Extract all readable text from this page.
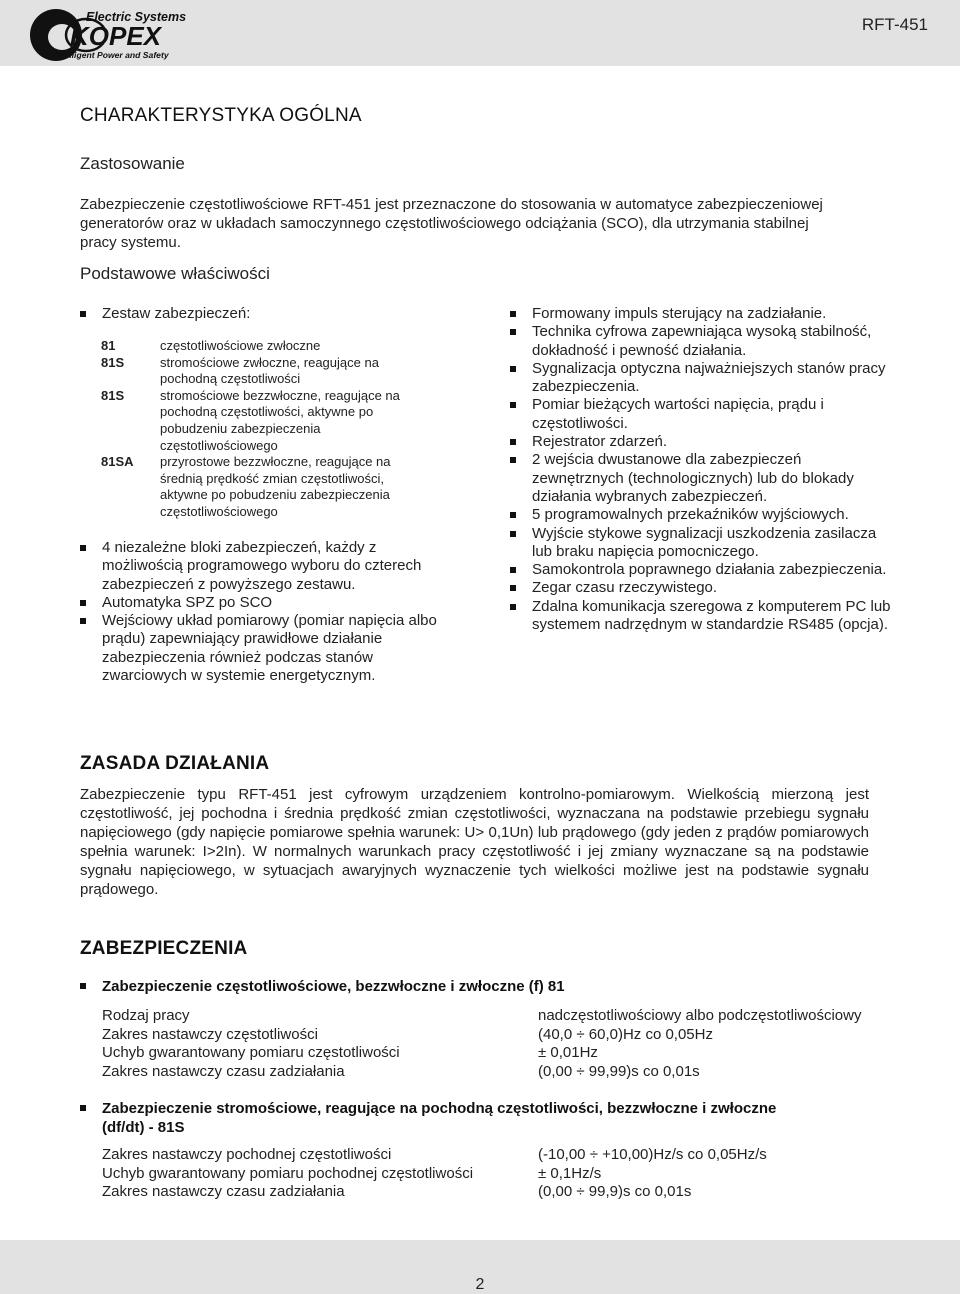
Electric Systems
KOPEX
Intelligent Power and Safety
RFT-451
CHARAKTERYSTYKA OGÓLNA
Zastosowanie
Zabezpieczenie częstotliwościowe RFT-451 jest przeznaczone do stosowania w automatyce zabezpieczeniowej
generatorów oraz w układach samoczynnego częstotliwościowego odciążania (SCO), dla utrzymania stabilnej
pracy systemu.
Podstawowe właściwości
Zestaw zabezpieczeń:
81	częstotliwościowe zwłoczne
81S	stromościowe zwłoczne, reagujące na pochodną częstotliwości
81S	stromościowe bezzwłoczne, reagujące na pochodną częstotliwości, aktywne po pobudzeniu zabezpieczenia częstotliwościowego
81SA	przyrostowe bezzwłoczne, reagujące na średnią prędkość zmian częstotliwości, aktywne po pobudzeniu zabezpieczenia częstotliwościowego
4 niezależne bloki zabezpieczeń, każdy z możliwością programowego wyboru do czterech zabezpieczeń z powyższego zestawu.
Automatyka SPZ po SCO
Wejściowy układ pomiarowy (pomiar napięcia albo prądu) zapewniający prawidłowe działanie zabezpieczenia również podczas stanów zwarciowych w systemie energetycznym.
Formowany impuls sterujący na zadziałanie.
Technika cyfrowa zapewniająca wysoką stabilność, dokładność i pewność działania.
Sygnalizacja optyczna najważniejszych stanów pracy zabezpieczenia.
Pomiar bieżących wartości napięcia, prądu i częstotliwości.
Rejestrator zdarzeń.
2 wejścia dwustanowe dla zabezpieczeń zewnętrznych (technologicznych) lub do blokady działania wybranych zabezpieczeń.
5 programowalnych przekaźników wyjściowych.
Wyjście stykowe sygnalizacji uszkodzenia zasilacza lub braku napięcia pomocniczego.
Samokontrola poprawnego działania zabezpieczenia.
Zegar czasu rzeczywistego.
Zdalna komunikacja szeregowa z komputerem PC lub systemem nadrzędnym w standardzie RS485 (opcja).
ZASADA DZIAŁANIA
Zabezpieczenie typu RFT-451 jest cyfrowym urządzeniem kontrolno-pomiarowym. Wielkością mierzoną jest częstotliwość, jej pochodna i średnia prędkość zmian częstotliwości, wyznaczana na podstawie przebiegu sygnału napięciowego (gdy napięcie pomiarowe spełnia warunek: U> 0,1Un) lub prądowego (gdy jeden z prądów pomiarowych spełnia warunek: I>2In). W normalnych warunkach pracy częstotliwość i jej zmiany wyznaczane są na podstawie sygnału napięciowego, w sytuacjach awaryjnych wyznaczenie tych wielkości możliwe jest na podstawie sygnału prądowego.
ZABEZPIECZENIA
Zabezpieczenie częstotliwościowe, bezzwłoczne i zwłoczne (f) 81
Rodzaj pracy	nadczęstotliwościowy albo podczęstotliwościowy
Zakres nastawczy częstotliwości	(40,0 ÷ 60,0)Hz co 0,05Hz
Uchyb gwarantowany pomiaru częstotliwości	± 0,01Hz
Zakres nastawczy czasu zadziałania	(0,00 ÷ 99,99)s co 0,01s
Zabezpieczenie stromościowe, reagujące na pochodną częstotliwości, bezzwłoczne i zwłoczne
(df/dt) - 81S
Zakres nastawczy pochodnej częstotliwości	(-10,00 ÷ +10,00)Hz/s co 0,05Hz/s
Uchyb gwarantowany pomiaru pochodnej częstotliwości	± 0,1Hz/s
Zakres nastawczy czasu zadziałania	(0,00 ÷ 99,9)s co 0,01s
2
